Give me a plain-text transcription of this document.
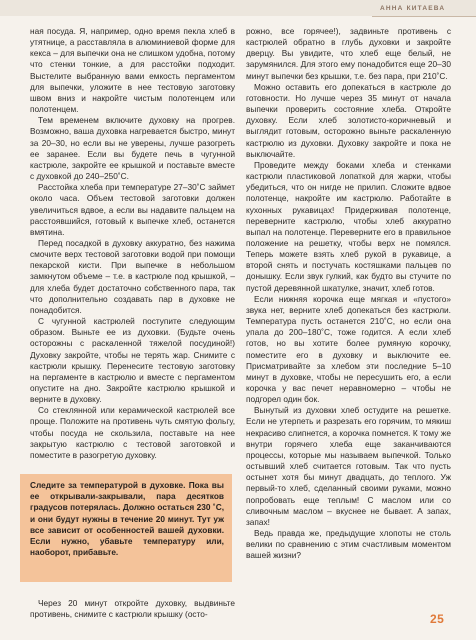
АННА КИТАЕВА

ная посуда. Я, например, одно время пекла хлеб в утятнице, а расставляла в алюминиевой форме для кекса – для выпечки она не слишком удобна, потому что стенки тонкие, а для расстойки подходит. Выстелите выбранную вами емкость пергаментом для выпечки, уложите в нее тестовую заготовку швом вниз и накройте чистым полотенцем или полотенцем.

Тем временем включите духовку на прогрев. Возможно, ваша духовка нагревается быстро, минут за 20–30, но если вы не уверены, лучше разогреть ее заранее. Если вы будете печь в чугунной кастрюле, закройте ее крышкой и поставьте вместе с духовкой до 240–250˚С.

Расстойка хлеба при температуре 27–30˚С займет около часа. Объем тестовой заготовки должен увеличиться вдвое, а если вы надавите пальцем на расстоявшийся, готовый к выпечке хлеб, останется вмятина.

Перед посадкой в духовку аккуратно, без нажима смочите верх тестовой заготовки водой при помощи пекарской кисти. При выпечке в небольшом замкнутом объеме – т.е. в кастрюле под крышкой, – для хлеба будет достаточно собственного пара, так что дополнительно создавать пар в духовке не понадобится.

С чугунной кастрюлей поступите следующим образом. Выньте ее из духовки. (Будьте очень осторожны с раскаленной тяжелой посудиной!) Духовку закройте, чтобы не терять жар. Снимите с кастрюли крышку. Перенесите тестовую заготовку на пергаменте в кастрюлю и вместе с пергаментом опустите на дно. Закройте кастрюлю крышкой и верните в духовку.

Со стеклянной или керамической кастрюлей все проще. Положите на противень чуть смятую фольгу, чтобы посуда не скользила, поставьте на нее закрытую кастрюлю с тестовой заготовкой и поместите в разогретую духовку.

Следите за температурой в духовке. Пока вы ее открывали-закрывали, пара десятков градусов потерялась. Должно остаться 230 ˚С, и они будут нужны в течение 20 минут. Тут уж все зависит от особенностей вашей духовки. Если нужно, убавьте температуру или, наоборот, прибавьте.

Через 20 минут откройте духовку, выдвиньте противень, снимите с кастрюли крышку (осто-

рожно, все горячее!), задвиньте противень с кастрюлей обратно в глубь духовки и закройте дверцу. Вы увидите, что хлеб еще белый, не зарумянился. Для этого ему понадобится еще 20–30 минут выпечки без крышки, т.е. без пара, при 210˚С.

Можно оставить его допекаться в кастрюле до готовности. Но лучше через 35 минут от начала выпечки проверить состояние хлеба. Откройте духовку. Если хлеб золотисто-коричневый и выглядит готовым, осторожно выньте раскаленную кастрюлю из духовки. Духовку закройте и пока не выключайте.

Проведите между боками хлеба и стенками кастрюли пластиковой лопаткой для жарки, чтобы убедиться, что он нигде не прилип. Сложите вдвое полотенце, накройте им кастрюлю. Работайте в кухонных рукавицах! Придерживая полотенце, переверните кастрюлю, чтобы хлеб аккуратно выпал на полотенце. Переверните его в правильное положение на решетку, чтобы верх не помялся. Теперь можете взять хлеб рукой в рукавице, а второй снять и постучать костяшками пальцев по донышку. Если звук гулкий, как будто вы стучите по пустой деревянной шкатулке, значит, хлеб готов.

Если нижняя корочка еще мягкая и «пустого» звука нет, верните хлеб допекаться без кастрюли. Температура пусть останется 210˚С, но если она упала до 200–180˚С, тоже годится. А если хлеб готов, но вы хотите более румяную корочку, поместите его в духовку и выключите ее. Присматривайте за хлебом эти последние 5–10 минут в духовке, чтобы не пересушить его, а если корочка у вас печет неравномерно – чтобы не подгорел один бок.

Вынутый из духовки хлеб остудите на решетке. Если не утерпеть и разрезать его горячим, то мякиш некрасиво слипнется, а корочка помнется. К тому же внутри горячего хлеба еще заканчиваются процессы, которые мы называем выпечкой. Только остывший хлеб считается готовым. Так что пусть остынет хотя бы минут двадцать, до теплого. Уж первый-то хлеб, сделанный своими руками, можно попробовать еще теплым! С маслом или со сливочным маслом – вкуснее не бывает. А запах, запах!

Ведь правда же, предыдущие хлопоты не столь велики по сравнению с этим счастливым моментом вашей жизни?

25
